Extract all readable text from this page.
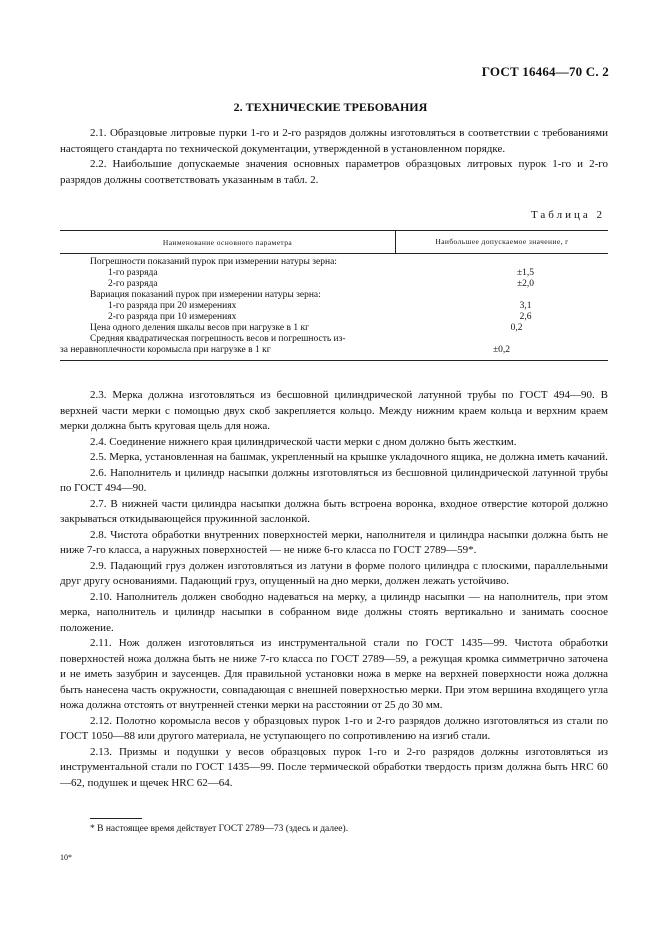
ГОСТ 16464—70 С. 2
2. ТЕХНИЧЕСКИЕ ТРЕБОВАНИЯ

2.1. Образцовые литровые пурки 1-го и 2-го разрядов должны изготовляться в соответствии с требованиями настоящего стандарта по технической документации, утвержденной в установленном порядке.

2.2. Наибольшие допускаемые значения основных параметров образцовых литровых пурок 1-го и 2-го разрядов должны соответствовать указанным в табл. 2.

Таблица 2
Наименование основного параметра	Наибольшее допускаемое значение, г
Погрешности показаний пурок при измерении натуры зерна:
1-го разряда	±1,5
2-го разряда	±2,0
Вариация показаний пурок при измерении натуры зерна:
1-го разряда при 20 измерениях	3,1
2-го разряда при 10 измерениях	2,6
Цена одного деления шкалы весов при нагрузке в 1 кг	0,2
Средняя квадратическая погрешность весов и погрешность из-
за неравноплечности коромысла при нагрузке в 1 кг	±0,2

2.3. Мерка должна изготовляться из бесшовной цилиндрической латунной трубы по ГОСТ 494—90. В верхней части мерки с помощью двух скоб закрепляется кольцо. Между нижним краем кольца и верхним краем мерки должна быть круговая щель для ножа.

2.4. Соединение нижнего края цилиндрической части мерки с дном должно быть жестким.

2.5. Мерка, установленная на башмак, укрепленный на крышке укладочного ящика, не должна иметь качаний.

2.6. Наполнитель и цилиндр насыпки должны изготовляться из бесшовной цилиндрической латунной трубы по ГОСТ 494—90.

2.7. В нижней части цилиндра насыпки должна быть встроена воронка, входное отверстие которой должно закрываться откидывающейся пружинной заслонкой.

2.8. Чистота обработки внутренних поверхностей мерки, наполнителя и цилиндра насыпки должна быть не ниже 7-го класса, а наружных поверхностей — не ниже 6-го класса по ГОСТ 2789—59*.

2.9. Падающий груз должен изготовляться из латуни в форме полого цилиндра с плоскими, параллельными друг другу основаниями. Падающий груз, опущенный на дно мерки, должен лежать устойчиво.

2.10. Наполнитель должен свободно надеваться на мерку, а цилиндр насыпки — на наполнитель, при этом мерка, наполнитель и цилиндр насыпки в собранном виде должны стоять вертикально и занимать соосное положение.

2.11. Нож должен изготовляться из инструментальной стали по ГОСТ 1435—99. Чистота обработки поверхностей ножа должна быть не ниже 7-го класса по ГОСТ 2789—59, а режущая кромка симметрично заточена и не иметь зазубрин и заусенцев. Для правильной установки ножа в мерке на верхней поверхности ножа должна быть нанесена часть окружности, совпадающая с внешней поверхностью мерки. При этом вершина входящего угла ножа должна отстоять от внутренней стенки мерки на расстоянии от 25 до 30 мм.

2.12. Полотно коромысла весов у образцовых пурок 1-го и 2-го разрядов должно изготовляться из стали по ГОСТ 1050—88 или другого материала, не уступающего по сопротивлению на изгиб стали.

2.13. Призмы и подушки у весов образцовых пурок 1-го и 2-го разрядов должны изготовляться из инструментальной стали по ГОСТ 1435—99. После термической обработки твердость призм должна быть HRC 60—62, подушек и щечек HRC 62—64.

* В настоящее время действует ГОСТ 2789—73 (здесь и далее).
10*
